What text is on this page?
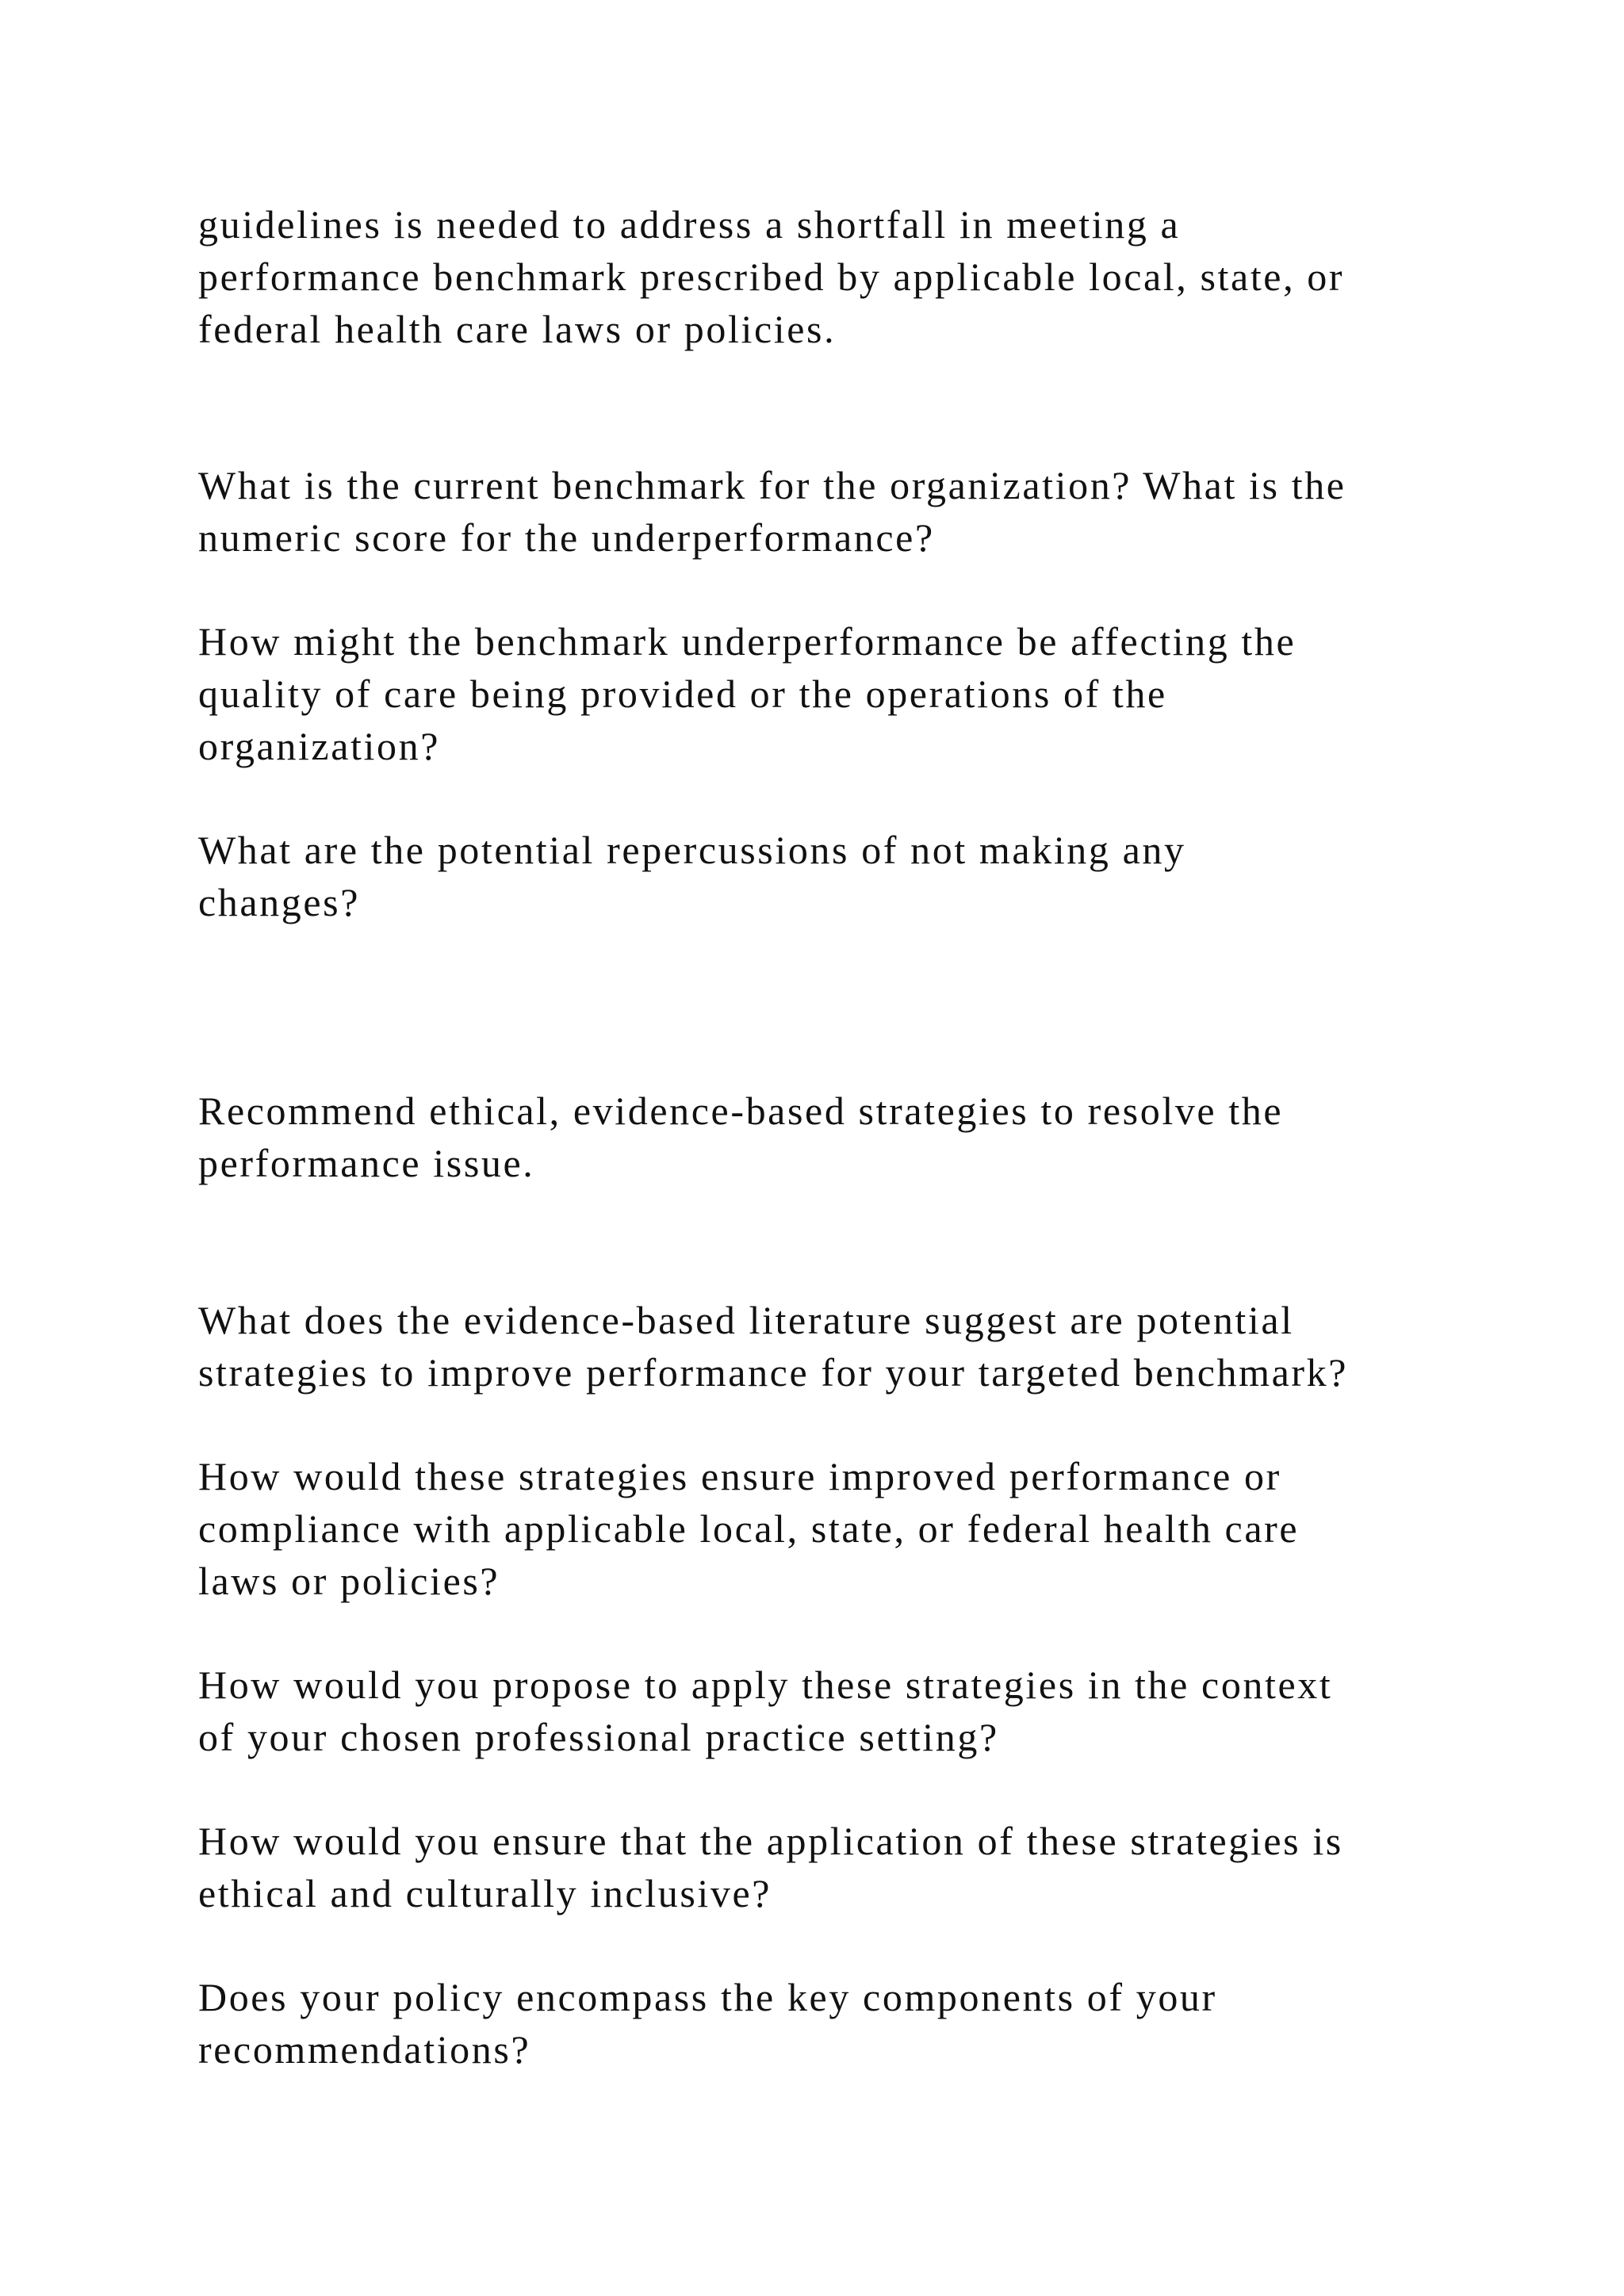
guidelines is needed to address a shortfall in meeting a

performance benchmark prescribed by applicable local, state, or

federal health care laws or policies.

What is the current benchmark for the organization? What is the

numeric score for the underperformance?

How might the benchmark underperformance be affecting the

quality of care being provided or the operations of the

organization?

What are the potential repercussions of not making any

changes?

Recommend ethical, evidence-based strategies to resolve the

performance issue.

What does the evidence-based literature suggest are potential

strategies to improve performance for your targeted benchmark?

How would these strategies ensure improved performance or

compliance with applicable local, state, or federal health care

laws or policies?

How would you propose to apply these strategies in the context

of your chosen professional practice setting?

How would you ensure that the application of these strategies is

ethical and culturally inclusive?

Does your policy encompass the key components of your

recommendations?
